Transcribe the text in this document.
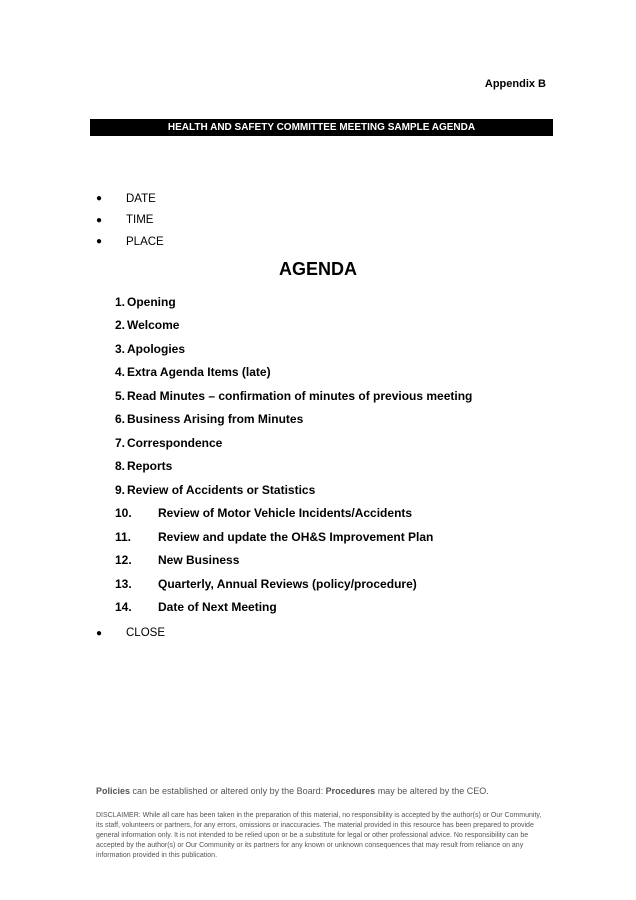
Appendix B
HEALTH AND SAFETY COMMITTEE MEETING SAMPLE AGENDA
●	DATE
●	TIME
●	PLACE
AGENDA
1. Opening
2. Welcome
3. Apologies
4. Extra Agenda Items (late)
5. Read Minutes – confirmation of minutes of previous meeting
6. Business Arising from Minutes
7. Correspondence
8. Reports
9. Review of Accidents or Statistics
10.	Review of Motor Vehicle Incidents/Accidents
11.	Review and update the OH&S Improvement Plan
12.	New Business
13.	Quarterly, Annual Reviews (policy/procedure)
14.	Date of Next Meeting
●	CLOSE
Policies can be established or altered only by the Board: Procedures may be altered by the CEO.
DISCLAIMER: While all care has been taken in the preparation of this material, no responsibility is accepted by the author(s) or Our Community, its staff, volunteers or partners, for any errors, omissions or inaccuracies. The material provided in this resource has been prepared to provide general information only. It is not intended to be relied upon or be a substitute for legal or other professional advice. No responsibility can be accepted by the author(s) or Our Community or its partners for any known or unknown consequences that may result from reliance on any information provided in this publication.
